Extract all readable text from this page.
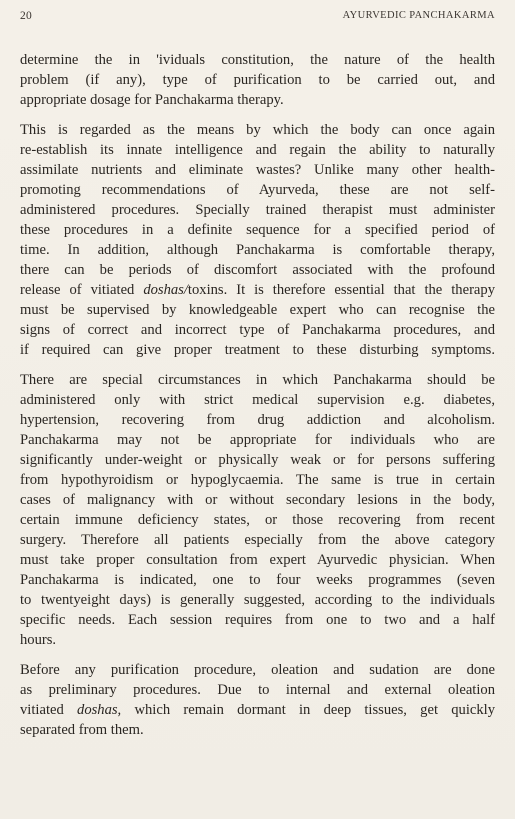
20	AYURVEDIC PANCHAKARMA

determine the in 'ividuals constitution, the nature of the health
problem (if any), type of purification to be carried out, and
appropriate dosage for Panchakarma therapy.

This is regarded as the means by which the body can once again
re-establish its innate intelligence and regain the ability to naturally
assimilate nutrients and eliminate wastes? Unlike many other health-
promoting recommendations of Ayurveda, these are not self-
administered procedures. Specially trained therapist must administer
these procedures in a definite sequence for a specified period of
time. In addition, although Panchakarma is comfortable therapy,
there can be periods of discomfort associated with the profound
release of vitiated doshas/toxins. It is therefore essential that the therapy
must be supervised by knowledgeable expert who can recognise the
signs of correct and incorrect type of Panchakarma procedures, and
if required can give proper treatment to these disturbing symptoms.

There are special circumstances in which Panchakarma should be
administered only with strict medical supervision e.g. diabetes,
hypertension, recovering from drug addiction and alcoholism.
Panchakarma may not be appropriate for individuals who are
significantly under-weight or physically weak or for persons suffering
from hypothyroidism or hypoglycaemia. The same is true in certain
cases of malignancy with or without secondary lesions in the body,
certain immune deficiency states, or those recovering from recent
surgery. Therefore all patients especially from the above category
must take proper consultation from expert Ayurvedic physician. When
Panchakarma is indicated, one to four weeks programmes (seven
to twentyeight days) is generally suggested, according to the individuals
specific needs. Each session requires from one to two and a half
hours.

Before any purification procedure, oleation and sudation are done
as preliminary procedures. Due to internal and external oleation
vitiated doshas, which remain dormant in deep tissues, get quickly
separated from them.
